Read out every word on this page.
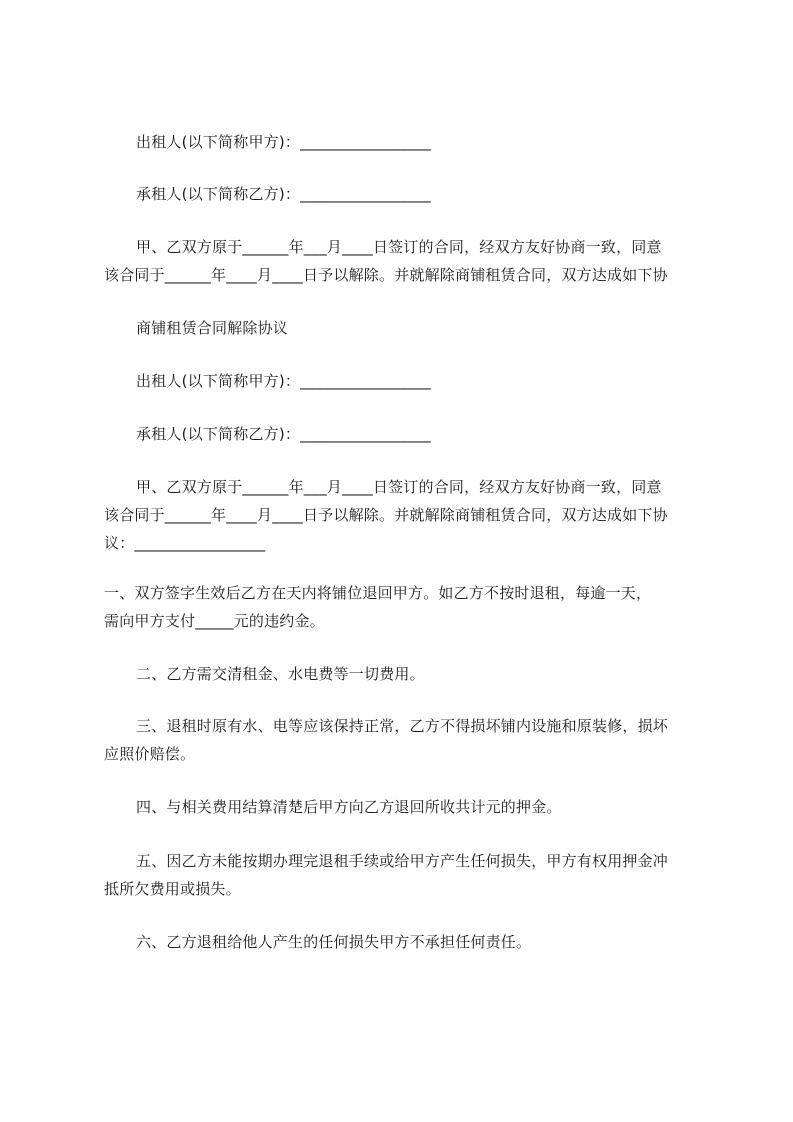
出租人(以下简称甲方)：_________________
承租人(以下简称乙方)：_________________
甲、乙双方原于______年___月____日签订的合同，经双方友好协商一致，同意
该合同于______年____月____日予以解除。并就解除商铺租赁合同，双方达成如下协
商铺租赁合同解除协议
出租人(以下简称甲方)：_________________
承租人(以下简称乙方)：_________________
甲、乙双方原于______年___月____日签订的合同，经双方友好协商一致，同意
该合同于______年____月____日予以解除。并就解除商铺租赁合同，双方达成如下协
议：_________________
一、双方签字生效后乙方在天内将铺位退回甲方。如乙方不按时退租，每逾一天，
需向甲方支付_____元的违约金。
二、乙方需交清租金、水电费等一切费用。
三、退租时原有水、电等应该保持正常，乙方不得损坏铺内设施和原装修，损坏
应照价赔偿。
四、与相关费用结算清楚后甲方向乙方退回所收共计元的押金。
五、因乙方未能按期办理完退租手续或给甲方产生任何损失，甲方有权用押金冲
抵所欠费用或损失。
六、乙方退租给他人产生的任何损失甲方不承担任何责任。
